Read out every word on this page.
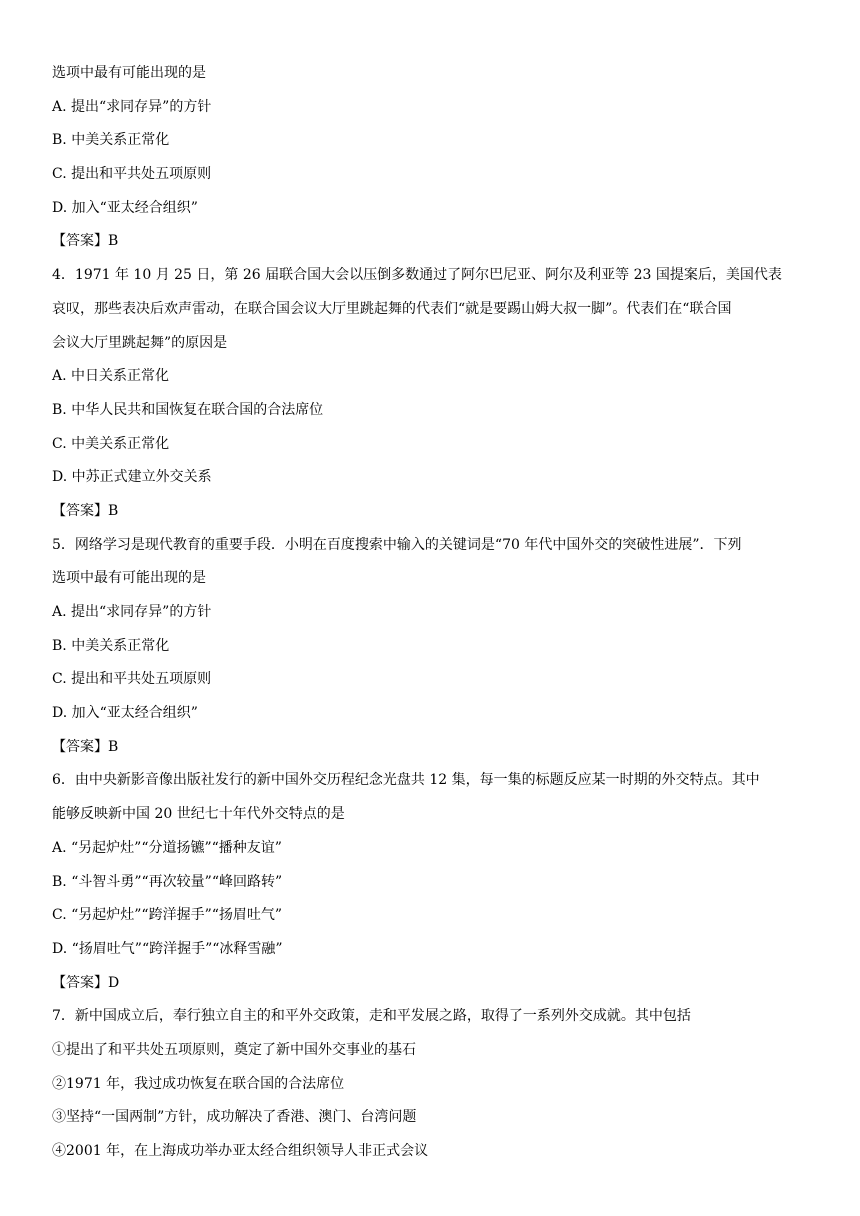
选项中最有可能出现的是
A. 提出“求同存异”的方针
B. 中美关系正常化
C. 提出和平共处五项原则
D. 加入“亚太经合组织”
【答案】B
4．1971 年 10 月 25 日，第 26 届联合国大会以压倒多数通过了阿尔巴尼亚、阿尔及利亚等 23 国提案后，美国代表
哀叹，那些表决后欢声雷动，在联合国会议大厅里跳起舞的代表们“就是要踢山姆大叔一脚”。代表们在“联合国
会议大厅里跳起舞”的原因是
A. 中日关系正常化
B. 中华人民共和国恢复在联合国的合法席位
C. 中美关系正常化
D. 中苏正式建立外交关系
【答案】B
5．网络学习是现代教育的重要手段．小明在百度搜索中输入的关键词是“70 年代中国外交的突破性进展”．下列
选项中最有可能出现的是
A. 提出“求同存异”的方针
B. 中美关系正常化
C. 提出和平共处五项原则
D. 加入“亚太经合组织”
【答案】B
6．由中央新影音像出版社发行的新中国外交历程纪念光盘共 12 集，每一集的标题反应某一时期的外交特点。其中
能够反映新中国 20 世纪七十年代外交特点的是
A. “另起炉灶”“分道扬镳”“播种友谊”
B. “斗智斗勇”“再次较量”“峰回路转”
C. “另起炉灶”“跨洋握手”“扬眉吐气”
D. “扬眉吐气”“跨洋握手”“冰释雪融”
【答案】D
7．新中国成立后，奉行独立自主的和平外交政策，走和平发展之路，取得了一系列外交成就。其中包括
①提出了和平共处五项原则，奠定了新中国外交事业的基石
②1971 年，我过成功恢复在联合国的合法席位
③坚持“一国两制”方针，成功解决了香港、澳门、台湾问题
④2001 年，在上海成功举办亚太经合组织领导人非正式会议
